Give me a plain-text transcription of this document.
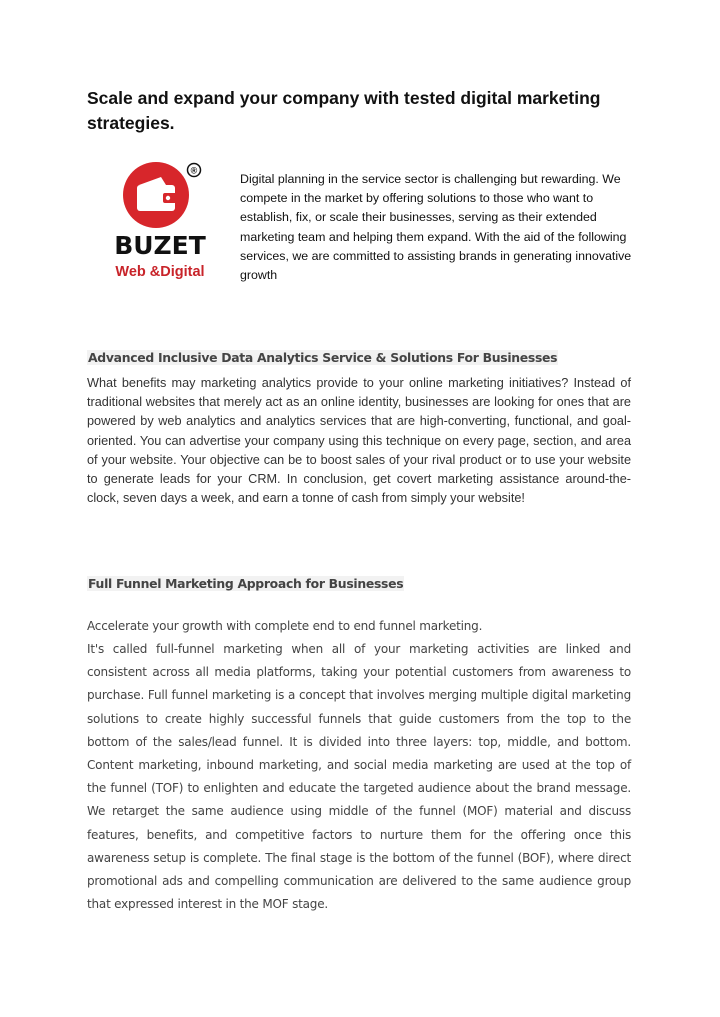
Scale and expand your company with tested digital marketing strategies.
®
BUZET
Web &Digital

Digital planning in the service sector is challenging but rewarding. We compete in the market by offering solutions to those who want to establish, fix, or scale their businesses, serving as their extended marketing team and helping them expand. With the aid of the following services, we are committed to assisting brands in generating innovative growth

Advanced Inclusive Data Analytics Service & Solutions For Businesses

What benefits may marketing analytics provide to your online marketing initiatives? Instead of traditional websites that merely act as an online identity, businesses are looking for ones that are powered by web analytics and analytics services that are high-converting, functional, and goal-oriented. You can advertise your company using this technique on every page, section, and area of your website. Your objective can be to boost sales of your rival product or to use your website to generate leads for your CRM. In conclusion, get covert marketing assistance around-the-clock, seven days a week, and earn a tonne of cash from simply your website!

Full Funnel Marketing Approach for Businesses

Accelerate your growth with complete end to end funnel marketing.

It's called full-funnel marketing when all of your marketing activities are linked and consistent across all media platforms, taking your potential customers from awareness to purchase. Full funnel marketing is a concept that involves merging multiple digital marketing solutions to create highly successful funnels that guide customers from the top to the bottom of the sales/lead funnel. It is divided into three layers: top, middle, and bottom. Content marketing, inbound marketing, and social media marketing are used at the top of the funnel (TOF) to enlighten and educate the targeted audience about the brand message. We retarget the same audience using middle of the funnel (MOF) material and discuss features, benefits, and competitive factors to nurture them for the offering once this awareness setup is complete. The final stage is the bottom of the funnel (BOF), where direct promotional ads and compelling communication are delivered to the same audience group that expressed interest in the MOF stage.
